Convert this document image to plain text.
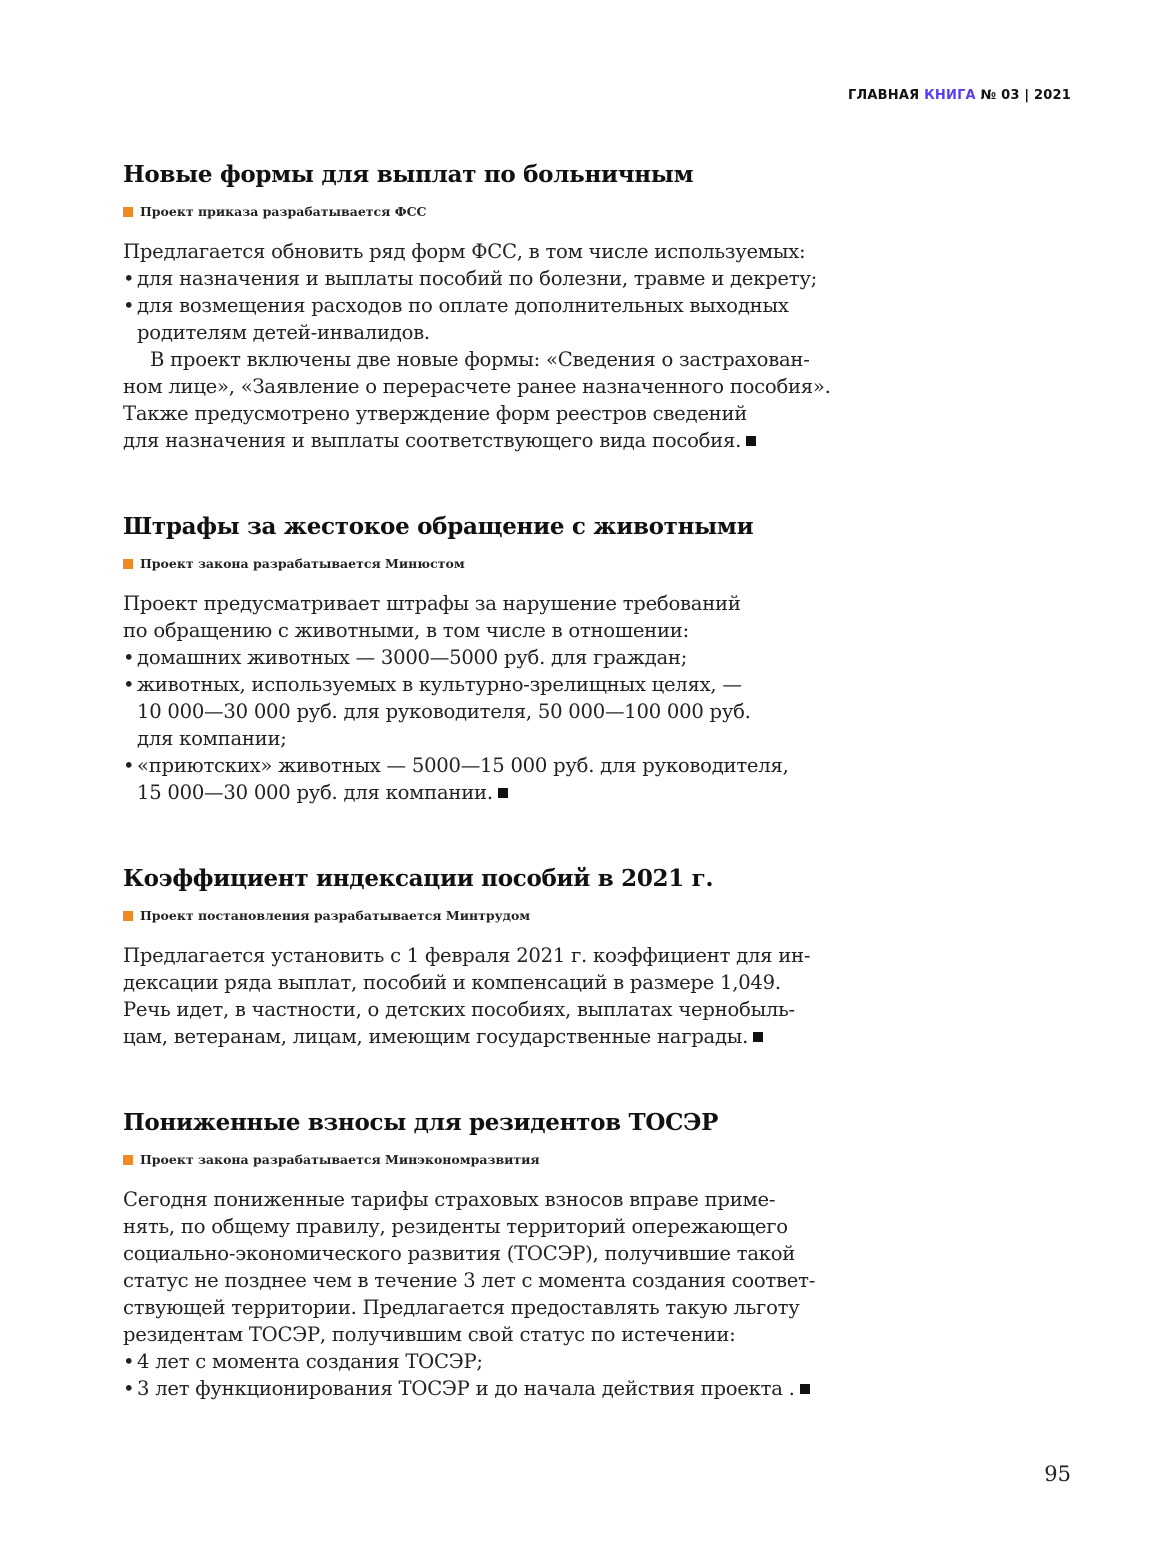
ГЛАВНАЯ КНИГА № 03 | 2021
Новые формы для выплат по больничным
Проект приказа разрабатывается ФСС
Предлагается обновить ряд форм ФСС, в том числе используемых:
• для назначения и выплаты пособий по болезни, травме и декрету;
• для возмещения расходов по оплате дополнительных выходных
родителям детей-инвалидов.
В проект включены две новые формы: «Сведения о застрахован-
ном лице», «Заявление о перерасчете ранее назначенного пособия».
Также предусмотрено утверждение форм реестров сведений
для назначения и выплаты соответствующего вида пособия.
Штрафы за жестокое обращение с животными
Проект закона разрабатывается Минюстом
Проект предусматривает штрафы за нарушение требований
по обращению с животными, в том числе в отношении:
• домашних животных — 3000—5000 руб. для граждан;
• животных, используемых в культурно-зрелищных целях, —
10 000—30 000 руб. для руководителя, 50 000—100 000 руб.
для компании;
• «приютских» животных — 5000—15 000 руб. для руководителя,
15 000—30 000 руб. для компании.
Коэффициент индексации пособий в 2021 г.
Проект постановления разрабатывается Минтрудом
Предлагается установить с 1 февраля 2021 г. коэффициент для ин-
дексации ряда выплат, пособий и компенсаций в размере 1,049.
Речь идет, в частности, о детских пособиях, выплатах чернобыль-
цам, ветеранам, лицам, имеющим государственные награды.
Пониженные взносы для резидентов ТОСЭР
Проект закона разрабатывается Минэкономразвития
Сегодня пониженные тарифы страховых взносов вправе приме-
нять, по общему правилу, резиденты территорий опережающего
социально-экономического развития (ТОСЭР), получившие такой
статус не позднее чем в течение 3 лет с момента создания соотвeт-
ствующей территории. Предлагается предоставлять такую льготу
резидентам ТОСЭР, получившим свой статус по истечении:
• 4 лет с момента создания ТОСЭР;
• 3 лет функционирования ТОСЭР и до начала действия проекта .
95
